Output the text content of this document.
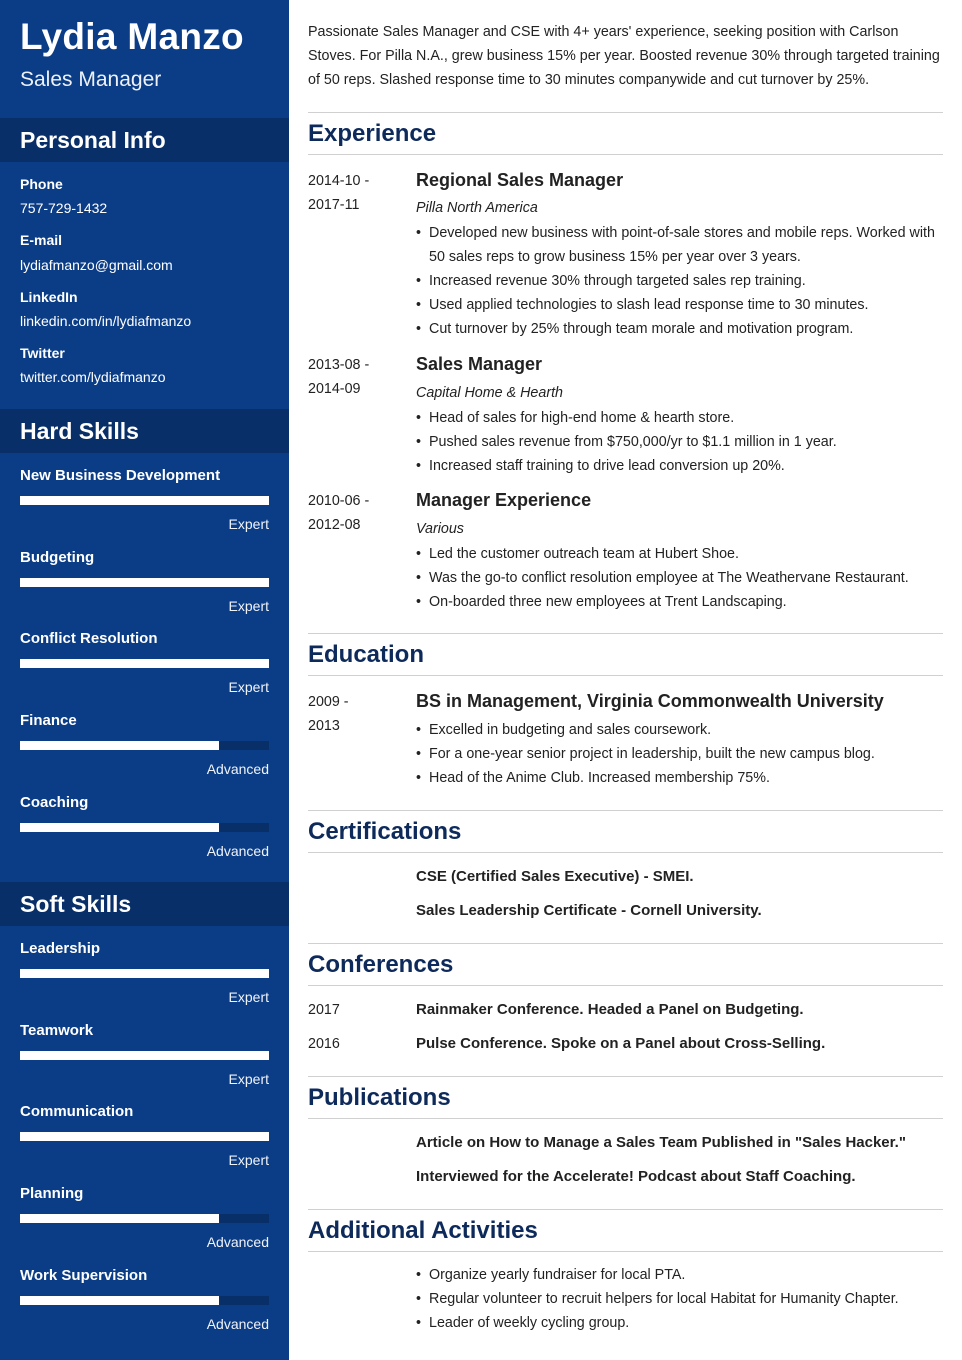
Lydia Manzo
Sales Manager
Personal Info
Phone
757-729-1432
E-mail
lydiafmanzo@gmail.com
LinkedIn
linkedin.com/in/lydiafmanzo
Twitter
twitter.com/lydiafmanzo
Hard Skills
New Business Development
Expert
Budgeting
Expert
Conflict Resolution
Expert
Finance
Advanced
Coaching
Advanced
Soft Skills
Leadership
Expert
Teamwork
Expert
Communication
Expert
Planning
Advanced
Work Supervision
Advanced

Passionate Sales Manager and CSE with 4+ years' experience, seeking position with Carlson Stoves. For Pilla N.A., grew business 15% per year. Boosted revenue 30% through targeted training of 50 reps. Slashed response time to 30 minutes companywide and cut turnover by 25%.

Experience
2014-10 -
2017-11
Regional Sales Manager
Pilla North America
• Developed new business with point-of-sale stores and mobile reps. Worked with 50 sales reps to grow business 15% per year over 3 years.
• Increased revenue 30% through targeted sales rep training.
• Used applied technologies to slash lead response time to 30 minutes.
• Cut turnover by 25% through team morale and motivation program.
2013-08 -
2014-09
Sales Manager
Capital Home & Hearth
• Head of sales for high-end home & hearth store.
• Pushed sales revenue from $750,000/yr to $1.1 million in 1 year.
• Increased staff training to drive lead conversion up 20%.
2010-06 -
2012-08
Manager Experience
Various
• Led the customer outreach team at Hubert Shoe.
• Was the go-to conflict resolution employee at The Weathervane Restaurant.
• On-boarded three new employees at Trent Landscaping.
Education
2009 -
2013
BS in Management, Virginia Commonwealth University
• Excelled in budgeting and sales coursework.
• For a one-year senior project in leadership, built the new campus blog.
• Head of the Anime Club. Increased membership 75%.
Certifications
CSE (Certified Sales Executive) - SMEI.
Sales Leadership Certificate - Cornell University.
Conferences
2017	Rainmaker Conference. Headed a Panel on Budgeting.
2016	Pulse Conference. Spoke on a Panel about Cross-Selling.
Publications
Article on How to Manage a Sales Team Published in "Sales Hacker."
Interviewed for the Accelerate! Podcast about Staff Coaching.
Additional Activities
• Organize yearly fundraiser for local PTA.
• Regular volunteer to recruit helpers for local Habitat for Humanity Chapter.
• Leader of weekly cycling group.
